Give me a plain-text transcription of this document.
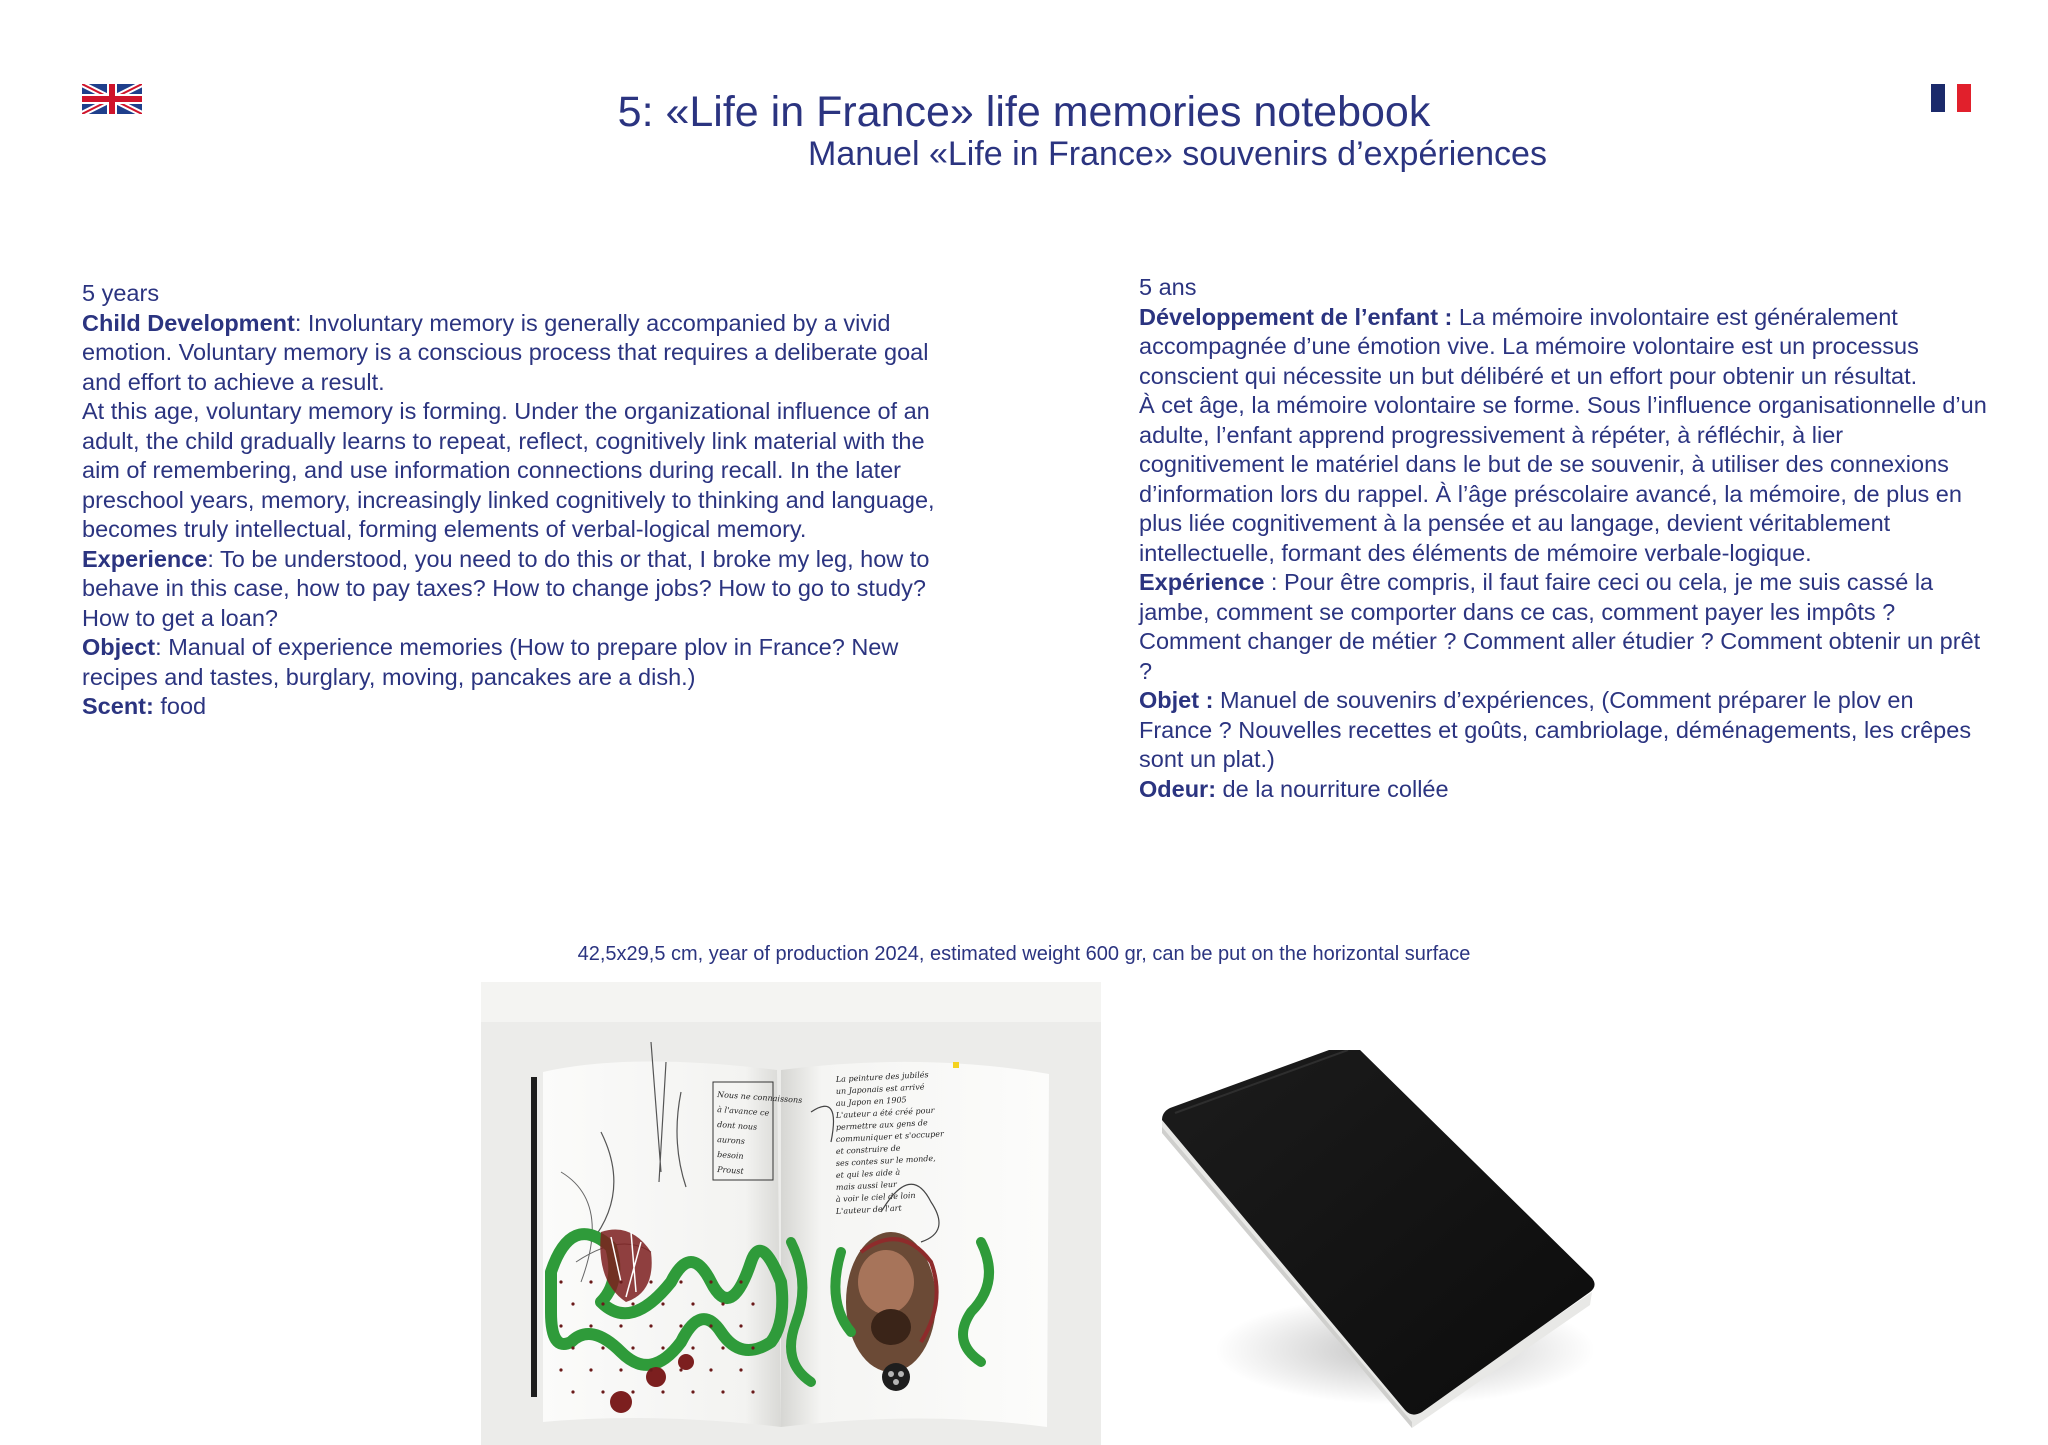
5: «Life in France» life memories notebook
Manuel «Life in France» souvenirs d’expériences

5 years

Child Development: Involuntary memory is generally accompanied by a vivid emotion. Voluntary memory is a conscious process that requires a deliberate goal and effort to achieve a result.

At this age, voluntary memory is forming. Under the organizational influence of an adult, the child gradually learns to repeat, reflect, cognitively link material with the aim of remembering, and use information connections during recall. In the later preschool years, memory, increasingly linked cognitively to thinking and language, becomes truly intellectual, forming elements of verbal-logical memory.

Experience: To be understood, you need to do this or that, I broke my leg, how to behave in this case, how to pay taxes? How to change jobs? How to go to study? How to get a loan?

Object: Manual of experience memories (How to prepare plov in France? New recipes and tastes, burglary, moving, pancakes are a dish.)

Scent: food

5 ans

Développement de l’enfant : La mémoire involontaire est généralement accompagnée d’une émotion vive. La mémoire volontaire est un processus conscient qui nécessite un but délibéré et un effort pour obtenir un résultat.

À cet âge, la mémoire volontaire se forme. Sous l’influence organisationnelle d’un adulte, l’enfant apprend progressivement à répéter, à réfléchir, à lier cognitivement le matériel dans le but de se souvenir, à utiliser des connexions d’information lors du rappel. À l’âge préscolaire avancé, la mémoire, de plus en plus liée cognitivement à la pensée et au langage, devient véritablement intellectuelle, formant des éléments de mémoire verbale-logique.

Expérience : Pour être compris, il faut faire ceci ou cela, je me suis cassé la jambe, comment se comporter dans ce cas, comment payer les impôts ? Comment changer de métier ? Comment aller étudier ? Comment obtenir un prêt ?

Objet : Manuel de souvenirs d’expériences, (Comment préparer le plov en France ? Nouvelles recettes et goûts, cambriolage, déménagements, les crêpes sont un plat.)

Odeur: de la nourriture collée

42,5x29,5 cm, year of production 2024, estimated weight 600 gr, can be put on the horizontal surface
Nous ne connaissons
à l'avance ce
dont nous
aurons
besoin
Proust
La peinture des jubilés
un Japonais est arrivé
au Japon en 1905
L'auteur a été créé pour
permettre aux gens de
communiquer et s'occuper
et construire de
ses contes sur le monde,
et qui les aide à
mais aussi leur
à voir le ciel de loin
L'auteur de l'art
